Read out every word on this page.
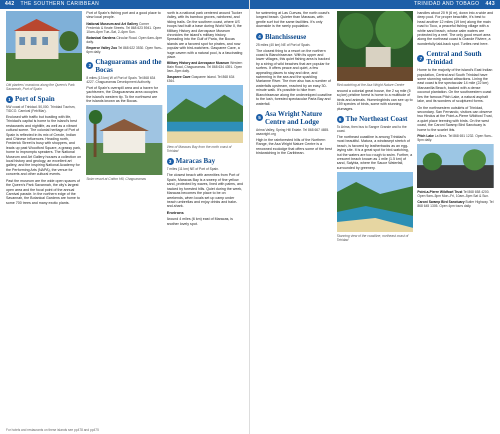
442 THE SOUTHERN CARIBBEAN
Old planters' mansions along the Queen's Park Savannah, Port of Spain
1 Port of Spain
NW coast of Trinidad. 50,000. Trinidad Tourism, TIDCO. Carnival (Feb/Mar).

Enclosed with traffic but bustling with life, Trinidad's capital is home to the island's best restaurants and nightlife, as well as a vibrant cultural scene. The colonial heritage of Port of Spain is reflected in its mix of Creole, Indian and Chinese influences. Heading north, Frederick Street is busy with shoppers, and leads up past Woodford Square, a grassy park, home to impromptu speakers. The National Museum and Art Gallery houses a collection on local history and geology, an excellent art gallery, and the inspiring National Academy for the Performing Arts (NAPA), the venue for concerts and other cultural events.

Past the museum are the wide open spaces of the Queen's Park Savannah, the city's largest open area and the focal point of the annual Carnival parade. In the northern edge of the Savannah, the Botanical Gardens are home to some 700 trees and many exotic plants.

Port of Spain's fishing port and a good place to view local people.

National Museum and Art Gallery Corner Frederick & Keate Streets. Tel 868 623 5941. Open 10am–6pm Tue–Sat, 2–6pm Sun.
Botanical Gardens Circular Road. Open 6am–6pm daily.
Emperor Valley Zoo Tel 868 622 3530. Open 9am–6pm daily.
2 Chaguaramas and the Bocas
8 miles (13 km) W of Port of Spain. Tel 868 634 4227. Chaguaramas Development Authority.

Port of Spain's overspill area and a haven for yachtsmen, the Chaguaramas area occupies the island's western tip. To the northwest are the islands known as the Bocas.

Swim resort at Cotton Hill, Chaguaramas

north is a national park centered around Tucker Valley, with its bamboo groves, rainforest, and hiking trails. On the southern coast, where US troops had built a base during World War II, the Military History and Aerospace Museum chronicles the island's military history. Spreading into the Gulf of Paria, the Bocas islands are a favored spot for pirates, and now popular with bird-watchers. Gasparee Cave, a huge cavern with a natural pool, is a fascinating place.

Military History and Aerospace Museum Western Main Road, Chaguaramas. Tel 868 634 4391. Open 9am–5pm daily.
Gasparee Cave Gasparee Island. Tel 868 634 4364.
View of Maracas Bay from the north coast of Trinidad
3 Maracas Bay
7 miles (11 km) NE of Port of Spain.

The closest beach with amenities from Port of Spain, Maracas Bay is a sweep of fine yellow sand, protected by waves, lined with palms, and backed by forested hills. Quiet during the week, Maracas becomes the place to be on weekends, when locals set up camp under beach umbrellas and enjoy drinks and bake-and-shark.

Environs

Around 4 miles (6 km) east of Maracas, is another lovely spot.

For hotels and restaurants on these islands see pp478 and pp475
TRINIDAD AND TOBAGO 443

for swimming at Las Cuevas, the north coast's longest beach. Quieter than Maracas, with gentle surf but the same facilities. It's only downside is the rarely population.

4 Blanchisseuse
25 miles (40 km) NE of Port of Spain.

The closest thing to a resort on the northern coast is Blanchisseuse. With its upper and lower villages, this quiet fishing area is backed by a string of wild beaches that are popular for surfers. It offers peace and quiet, a few appealing places to stay and dine, and swimming in the sea and the sparkling Marianne River. The river also has a number of waterfalls upstream, reached by an easy 30-minute walk. It's possible to hike from Blanchisseuse along the undeveloped coastline to the lush, forested spectacular Paria Bay and waterfall.

5 Asa Wright Nature Centre and Lodge
Arima Valley, Spring Hill Estate. Tel 868 667 4655. asawright.org

High in the rainforested hills of the Northern Range, the Asa Wright Nature Centre is a renowned ecolodge that offers some of the best birdwatching in the Caribbean.

Bird-watching at the Asa Wright Nature Centre

around a colonial great house, the 2 sq mile (5 sq km) pristine forest is home to a multitude of birds and animals. Hummingbirds can see up to 159 species of birds, some with stunning plumages.

6 The Northeast Coast
To Arima, then bus to Sangre Grande and to the coast.

The northeast coastline is among Trinidad's most beautiful. Matura, a windswept stretch of beach, is favored by leatherbacks as an egg-laying site. It is a great spot for bird-watching, but the waters are too rough to swim. Further, a crescent beach known as 1 mile (1.5 km) of sand, Salybia, where the Sauce Waterfall, surrounded by greenery.

Stunning view of the coastline, northeast coast of Trinidad

handles about 20 ft (6 m), down into a wide and deep pool. For proper beachlife, it's best to head another 12 miles (19 km) along the main road to Toco, a peaceful fishing village with a white sand beach, whose calm waters are protected by a reef. The only good resort area along the northeast coast is Grande Riviere, a wonderfully laid-back spot. Turtles nest here.

7 Central and South Trinidad

Home to the majority of the island's East Indian population, Central and South Trinidad have some stunning natural attractions. Lining the east coast is the spectacular 14 mile (22 km) Manzanilla Beach, backed with a dense coconut plantation. On the southwestern coast lies the famous Pitch Lake, a natural asphalt lake, and its wonders of sculptured forms.

On the northwestern outskirts of Trinidad, secondary. San Fernando, visitors can observe two Hindus at the Point-a-Pierre Wildfowl Trust, a quiet place teeming with birds. On the west coast, the Caroni Swamp Bird Sanctuary is home to the scarlet ibis.

Pitch Lake La Brea. Tel 868 651 1232. Open 9am–5pm daily.
Point-a-Pierre Wildfowl Trust Tel 868 658 4200. Open 9am–5pm Mon–Fri, 10am–5pm Sat & Sun.
Caroni Swamp Bird Sanctuary Butler Highway. Tel 868 645 1305. Open 4pm tours daily.
